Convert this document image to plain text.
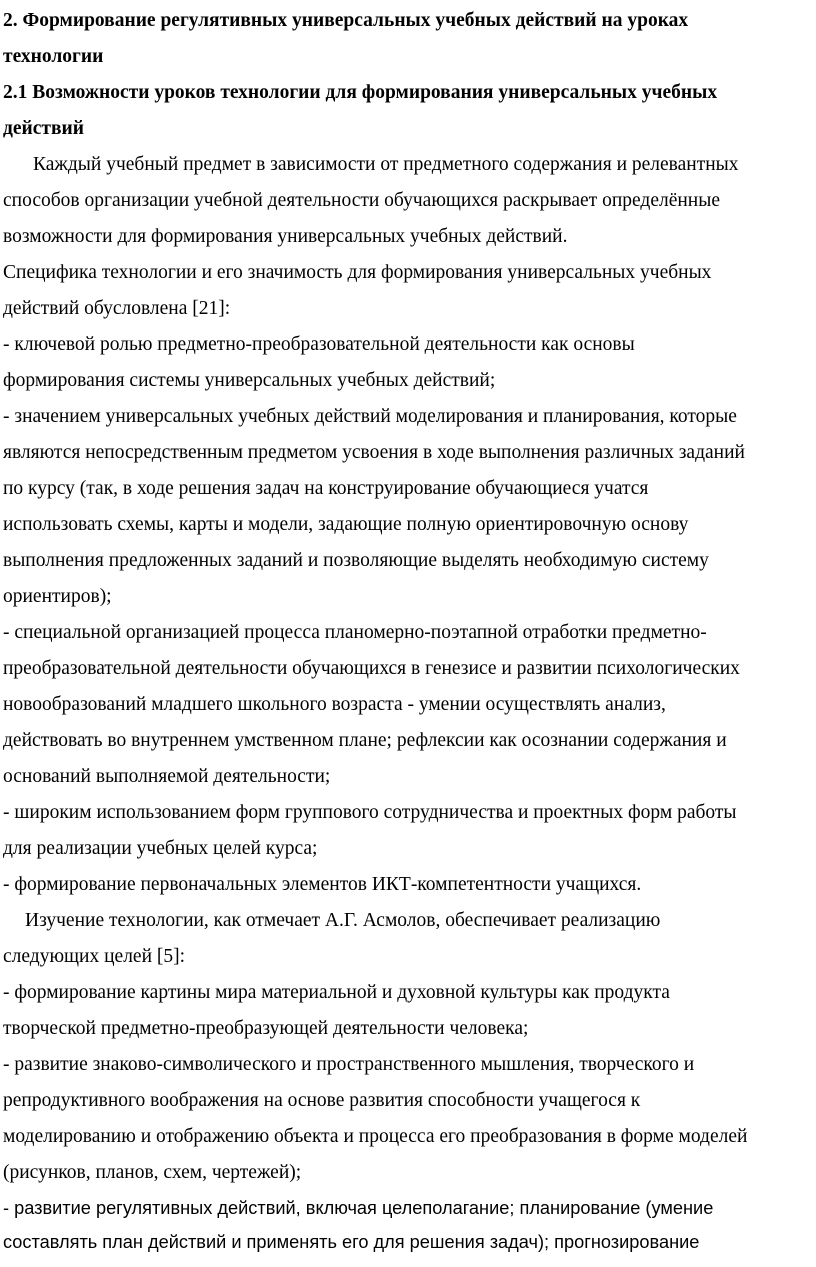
2. Формирование регулятивных универсальных учебных действий на уроках
технологии
2.1 Возможности уроков технологии для формирования универсальных учебных
действий
Каждый учебный предмет в зависимости от предметного содержания и релевантных
способов организации учебной деятельности обучающихся раскрывает определённые
возможности для формирования универсальных учебных действий.
Специфика технологии и его значимость для формирования универсальных учебных
действий обусловлена [21]:
- ключевой ролью предметно-преобразовательной деятельности как основы
формирования системы универсальных учебных действий;
- значением универсальных учебных действий моделирования и планирования, которые
являются непосредственным предметом усвоения в ходе выполнения различных заданий
по курсу (так, в ходе решения задач на конструирование обучающиеся учатся
использовать схемы, карты и модели, задающие полную ориентировочную основу
выполнения предложенных заданий и позволяющие выделять необходимую систему
ориентиров);
- специальной организацией процесса планомерно-поэтапной отработки предметно-
преобразовательной деятельности обучающихся в генезисе и развитии психологических
новообразований младшего школьного возраста - умении осуществлять анализ,
действовать во внутреннем умственном плане; рефлексии как осознании содержания и
оснований выполняемой деятельности;
- широким использованием форм группового сотрудничества и проектных форм работы
для реализации учебных целей курса;
- формирование первоначальных элементов ИКТ-компетентности учащихся.
Изучение технологии, как отмечает А.Г. Асмолов, обеспечивает реализацию
следующих целей [5]:
- формирование картины мира материальной и духовной культуры как продукта
творческой предметно-преобразующей деятельности человека;
- развитие знаково-символического и пространственного мышления, творческого и
репродуктивного воображения на основе развития способности учащегося к
моделированию и отображению объекта и процесса его преобразования в форме моделей
(рисунков, планов, схем, чертежей);
- развитие регулятивных действий, включая целеполагание; планирование (умение
составлять план действий и применять его для решения задач); прогнозирование
